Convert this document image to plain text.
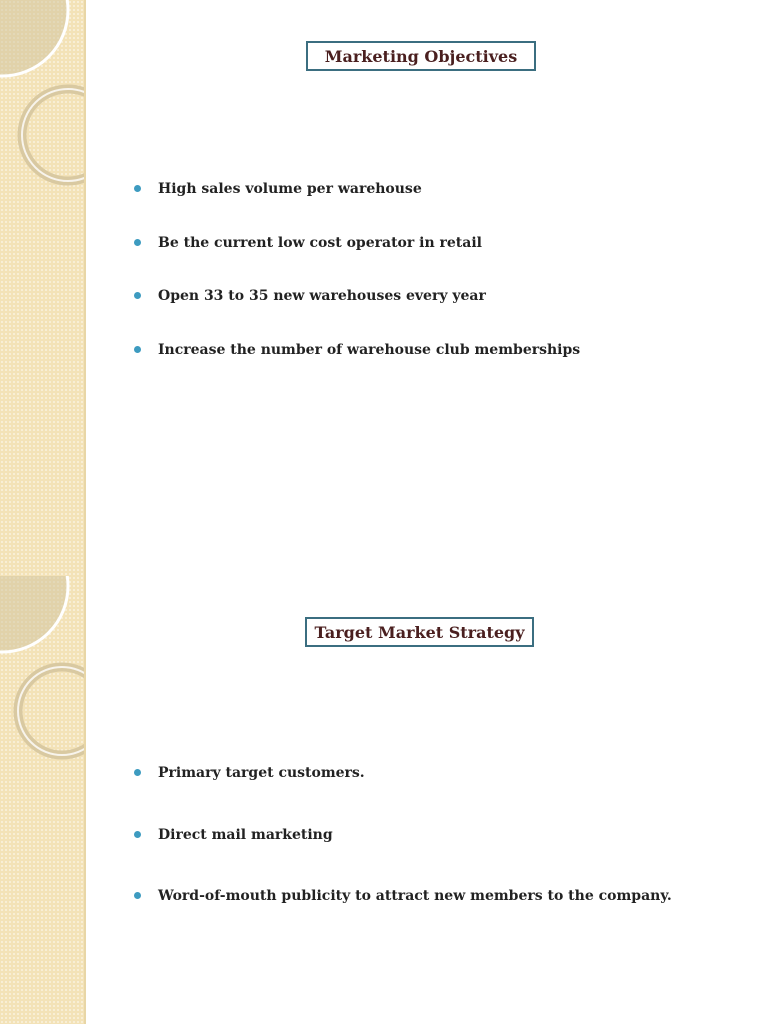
Marketing Objectives
High sales volume per warehouse
Be the current low cost operator in retail
Open 33 to 35 new warehouses every year
Increase the number of warehouse club memberships
Target Market Strategy
Primary target customers.
Direct mail marketing
Word-of-mouth publicity to attract new members to the company.
